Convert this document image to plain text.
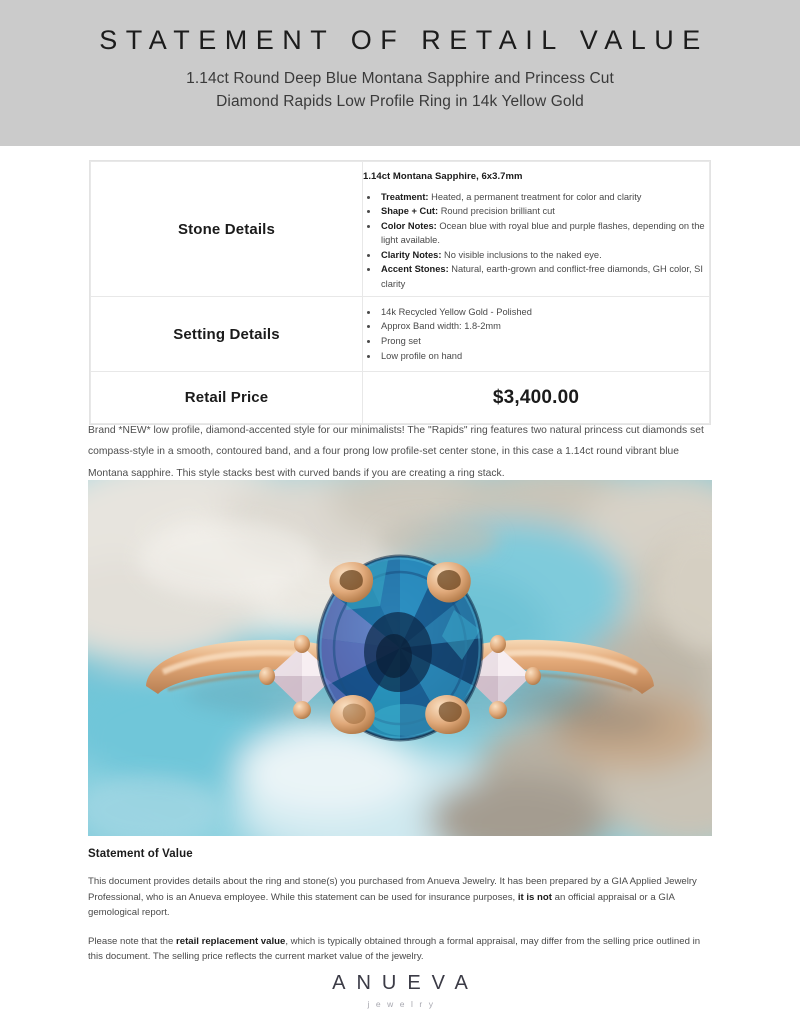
STATEMENT OF RETAIL VALUE
1.14ct Round Deep Blue Montana Sapphire and Princess Cut
Diamond Rapids Low Profile Ring in 14k Yellow Gold
Stone Details	
1.14ct Montana Sapphire, 6x3.7mm
• Treatment: Heated, a permanent treatment for color and clarity
• Shape + Cut: Round precision brilliant cut
• Color Notes: Ocean blue with royal blue and purple flashes, depending on the light available.
• Clarity Notes: No visible inclusions to the naked eye.
• Accent Stones: Natural, earth-grown and conflict-free diamonds, GH color, SI clarity

Setting Details	
• 14k Recycled Yellow Gold - Polished
• Approx Band width: 1.8-2mm
• Prong set
• Low profile on hand

Retail Price	$3,400.00
Brand *NEW* low profile, diamond-accented style for our minimalists! The "Rapids" ring features two natural princess cut diamonds set compass-style in a smooth, contoured band, and a four prong low profile-set center stone, in this case a 1.14ct round vibrant blue Montana sapphire. This style stacks best with curved bands if you are creating a ring stack.
Statement of Value

This document provides details about the ring and stone(s) you purchased from Anueva Jewelry. It has been prepared by a GIA Applied Jewelry Professional, who is an Anueva employee. While this statement can be used for insurance purposes, it is not an official appraisal or a GIA gemological report.

Please note that the retail replacement value, which is typically obtained through a formal appraisal, may differ from the selling price outlined in this document. The selling price reflects the current market value of the jewelry.

ANUEVA
jewelry
